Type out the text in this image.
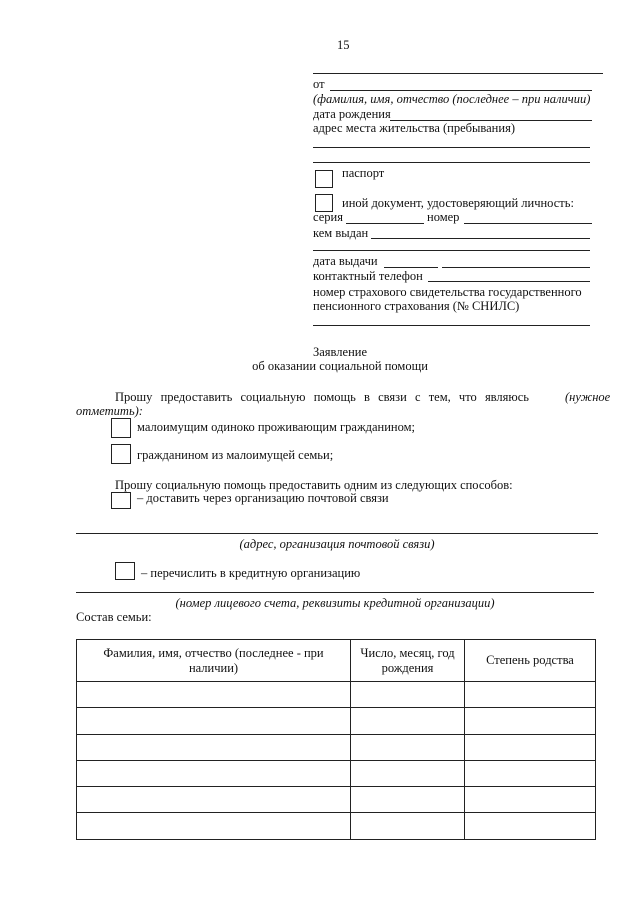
15
от
(фамилия, имя, отчество (последнее – при наличии)
дата рождения
адрес места жительства (пребывания)
паспорт
иной документ, удостоверяющий личность:
серия	номер
кем выдан
дата выдачи
контактный телефон
номер страхового свидетельства государственного
пенсионного страхования (№ СНИЛС)
Заявление
об оказании социальной помощи
Прошу предоставить социальную помощь в связи с тем, что являюсь	(нужное
отметить):
малоимущим одиноко проживающим гражданином;
гражданином из малоимущей семьи;
Прошу социальную помощь предоставить одним из следующих способов:
– доставить через организацию почтовой связи
(адрес, организация почтовой связи)
– перечислить в кредитную организацию
(номер лицевого счета, реквизиты кредитной организации)
Состав семьи:
Фамилия, имя, отчество (последнее - при наличии)	Число, месяц, год рождения	Степень родства
